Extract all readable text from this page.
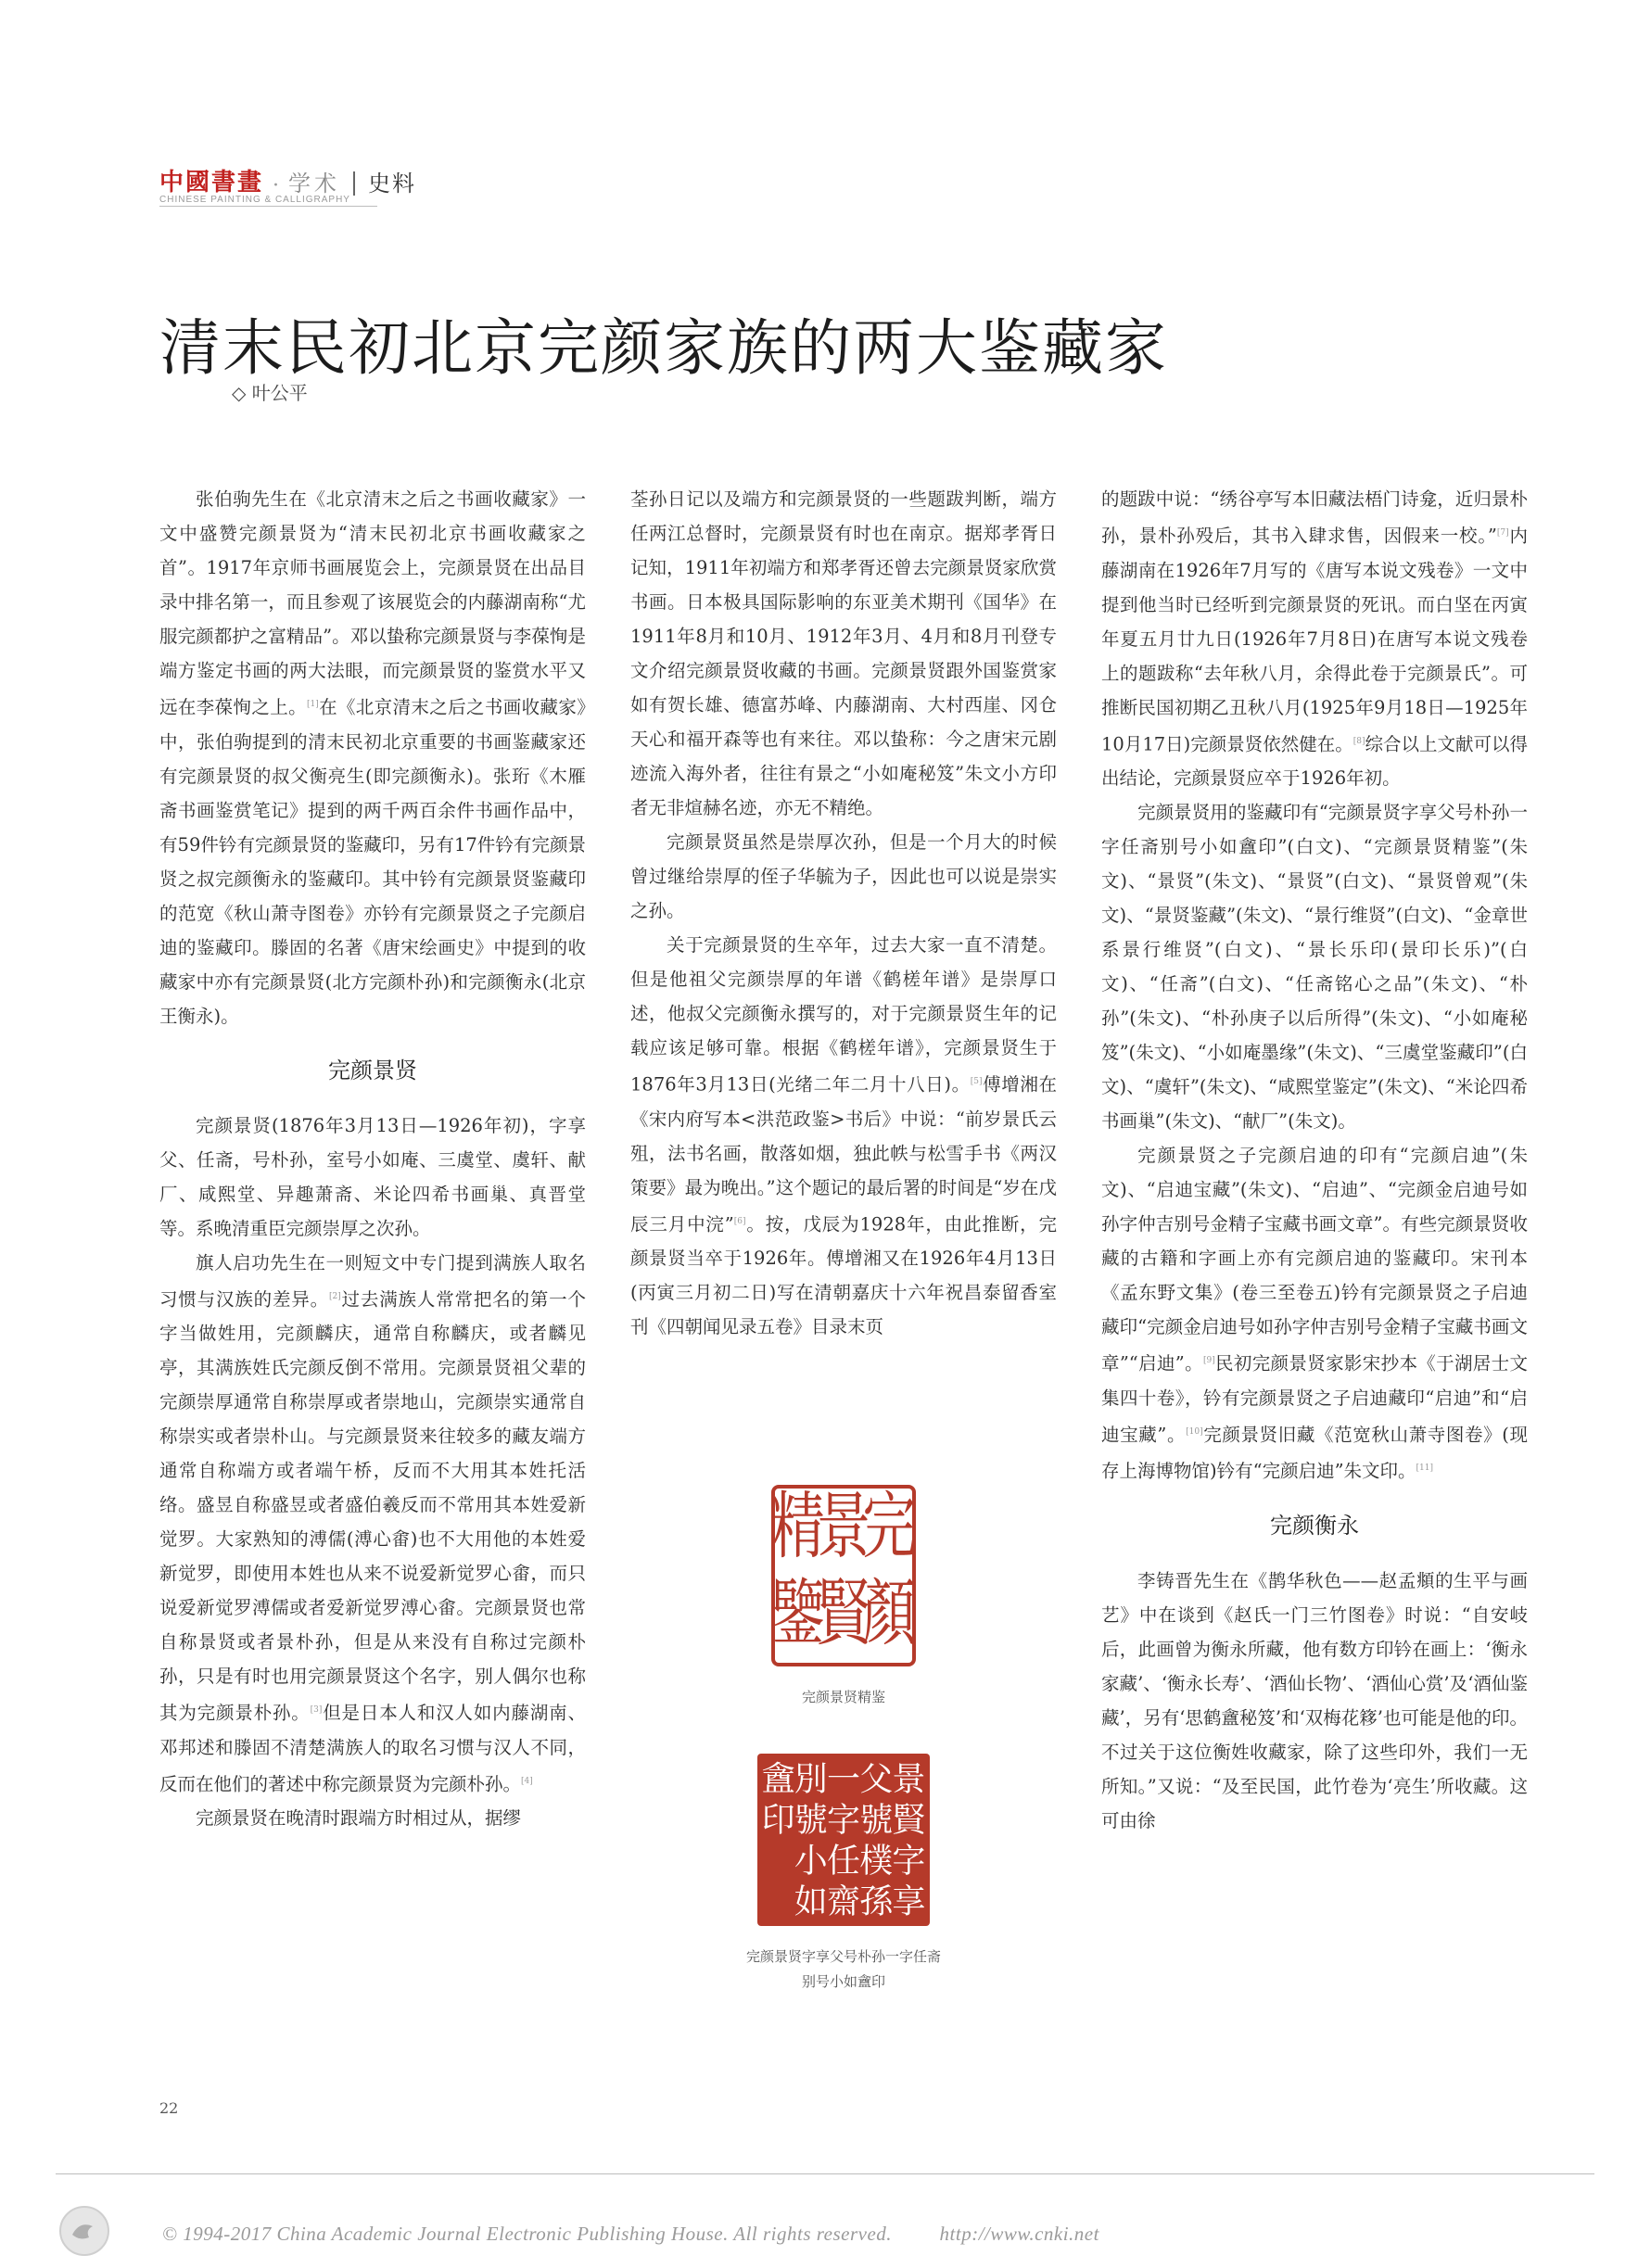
中國書畫 · 学术 史料
CHINESE PAINTING & CALLIGRAPHY
清末民初北京完颜家族的两大鉴藏家
◇ 叶公平

张伯驹先生在《北京清末之后之书画收藏家》一文中盛赞完颜景贤为“清末民初北京书画收藏家之首”。1917年京师书画展览会上，完颜景贤在出品目录中排名第一，而且参观了该展览会的内藤湖南称“尤服完颜都护之富精品”。邓以蛰称完颜景贤与李葆恂是端方鉴定书画的两大法眼，而完颜景贤的鉴赏水平又远在李葆恂之上。[1]在《北京清末之后之书画收藏家》中，张伯驹提到的清末民初北京重要的书画鉴藏家还有完颜景贤的叔父衡亮生(即完颜衡永)。张珩《木雁斋书画鉴赏笔记》提到的两千两百余件书画作品中，有59件钤有完颜景贤的鉴藏印，另有17件钤有完颜景贤之叔完颜衡永的鉴藏印。其中钤有完颜景贤鉴藏印的范宽《秋山萧寺图卷》亦钤有完颜景贤之子完颜启迪的鉴藏印。滕固的名著《唐宋绘画史》中提到的收藏家中亦有完颜景贤(北方完颜朴孙)和完颜衡永(北京王衡永)。

完颜景贤

完颜景贤(1876年3月13日—1926年初)，字享父、任斋，号朴孙，室号小如庵、三虞堂、虞轩、献厂、咸熙堂、异趣萧斋、米论四希书画巢、真晋堂等。系晚清重臣完颜崇厚之次孙。

旗人启功先生在一则短文中专门提到满族人取名习惯与汉族的差异。[2]过去满族人常常把名的第一个字当做姓用，完颜麟庆，通常自称麟庆，或者麟见亭，其满族姓氏完颜反倒不常用。完颜景贤祖父辈的完颜崇厚通常自称崇厚或者崇地山，完颜崇实通常自称崇实或者崇朴山。与完颜景贤来往较多的藏友端方通常自称端方或者端午桥，反而不大用其本姓托活络。盛昱自称盛昱或者盛伯羲反而不常用其本姓爱新觉罗。大家熟知的溥儒(溥心畬)也不大用他的本姓爱新觉罗，即使用本姓也从来不说爱新觉罗心畬，而只说爱新觉罗溥儒或者爱新觉罗溥心畬。完颜景贤也常自称景贤或者景朴孙，但是从来没有自称过完颜朴孙，只是有时也用完颜景贤这个名字，别人偶尔也称其为完颜景朴孙。[3]但是日本人和汉人如内藤湖南、邓邦述和滕固不清楚满族人的取名习惯与汉人不同，反而在他们的著述中称完颜景贤为完颜朴孙。[4]

完颜景贤在晚清时跟端方时相过从，据缪

荃孙日记以及端方和完颜景贤的一些题跋判断，端方任两江总督时，完颜景贤有时也在南京。据郑孝胥日记知，1911年初端方和郑孝胥还曾去完颜景贤家欣赏书画。日本极具国际影响的东亚美术期刊《国华》在1911年8月和10月、1912年3月、4月和8月刊登专文介绍完颜景贤收藏的书画。完颜景贤跟外国鉴赏家如有贺长雄、德富苏峰、内藤湖南、大村西崖、冈仓天心和福开森等也有来往。邓以蛰称：今之唐宋元剧迹流入海外者，往往有景之“小如庵秘笈”朱文小方印者无非煊赫名迹，亦无不精绝。

完颜景贤虽然是崇厚次孙，但是一个月大的时候曾过继给崇厚的侄子华毓为子，因此也可以说是崇实之孙。

关于完颜景贤的生卒年，过去大家一直不清楚。但是他祖父完颜崇厚的年谱《鹤槎年谱》是崇厚口述，他叔父完颜衡永撰写的，对于完颜景贤生年的记载应该足够可靠。根据《鹤槎年谱》，完颜景贤生于1876年3月13日(光绪二年二月十八日)。[5]傅增湘在《宋内府写本<洪范政鉴>书后》中说：“前岁景氏云殂，法书名画，散落如烟，独此帙与松雪手书《两汉策要》最为晚出。”这个题记的最后署的时间是“岁在戊辰三月中浣”[6]。按，戊辰为1928年，由此推断，完颜景贤当卒于1926年。傅增湘又在1926年4月13日(丙寅三月初二日)写在清朝嘉庆十六年祝昌泰留香室刊《四朝闻见录五卷》目录末页

完
顏
景
賢
精
鑒
完颜景贤精鉴
景
賢
字
享
父
號
樸
孫
一
字
任
齋
別
號
小
如
盦
印
完颜景贤字享父号朴孙一字任斋
别号小如盦印

的题跋中说：“绣谷亭写本旧藏法梧门诗龛，近归景朴孙，景朴孙殁后，其书入肆求售，因假来一校。”[7]内藤湖南在1926年7月写的《唐写本说文残卷》一文中提到他当时已经听到完颜景贤的死讯。而白坚在丙寅年夏五月廿九日(1926年7月8日)在唐写本说文残卷上的题跋称“去年秋八月，余得此卷于完颜景氏”。可推断民国初期乙丑秋八月(1925年9月18日—1925年10月17日)完颜景贤依然健在。[8]综合以上文献可以得出结论，完颜景贤应卒于1926年初。

完颜景贤用的鉴藏印有“完颜景贤字享父号朴孙一字任斋别号小如盦印”(白文)、“完颜景贤精鉴”(朱文)、“景贤”(朱文)、“景贤”(白文)、“景贤曾观”(朱文)、“景贤鉴藏”(朱文)、“景行维贤”(白文)、“金章世系景行维贤”(白文)、“景长乐印(景印长乐)”(白文)、“任斋”(白文)、“任斋铭心之品”(朱文)、“朴孙”(朱文)、“朴孙庚子以后所得”(朱文)、“小如庵秘笈”(朱文)、“小如庵墨缘”(朱文)、“三虞堂鉴藏印”(白文)、“虞轩”(朱文)、“咸熙堂鉴定”(朱文)、“米论四希书画巢”(朱文)、“献厂”(朱文)。

完颜景贤之子完颜启迪的印有“完颜启迪”(朱文)、“启迪宝藏”(朱文)、“启迪”、“完颜金启迪号如孙字仲吉别号金精子宝藏书画文章”。有些完颜景贤收藏的古籍和字画上亦有完颜启迪的鉴藏印。宋刊本《孟东野文集》(卷三至卷五)钤有完颜景贤之子启迪藏印“完颜金启迪号如孙字仲吉别号金精子宝藏书画文章”“启迪”。[9]民初完颜景贤家影宋抄本《于湖居士文集四十卷》，钤有完颜景贤之子启迪藏印“启迪”和“启迪宝藏”。[10]完颜景贤旧藏《范宽秋山萧寺图卷》(现存上海博物馆)钤有“完颜启迪”朱文印。[11]

完颜衡永

李铸晋先生在《鹊华秋色——赵孟頫的生平与画艺》中在谈到《赵氏一门三竹图卷》时说：“自安岐后，此画曾为衡永所藏，他有数方印钤在画上：‘衡永家藏’、‘衡永长寿’、‘酒仙长物’、‘酒仙心赏’及‘酒仙鉴藏’，另有‘思鹤盦秘笈’和‘双梅花簃’也可能是他的印。不过关于这位衡姓收藏家，除了这些印外，我们一无所知。”又说：“及至民国，此竹卷为‘亮生’所收藏。这可由徐

22
© 1994-2017 China Academic Journal Electronic Publishing House. All rights reserved. http://www.cnki.net
